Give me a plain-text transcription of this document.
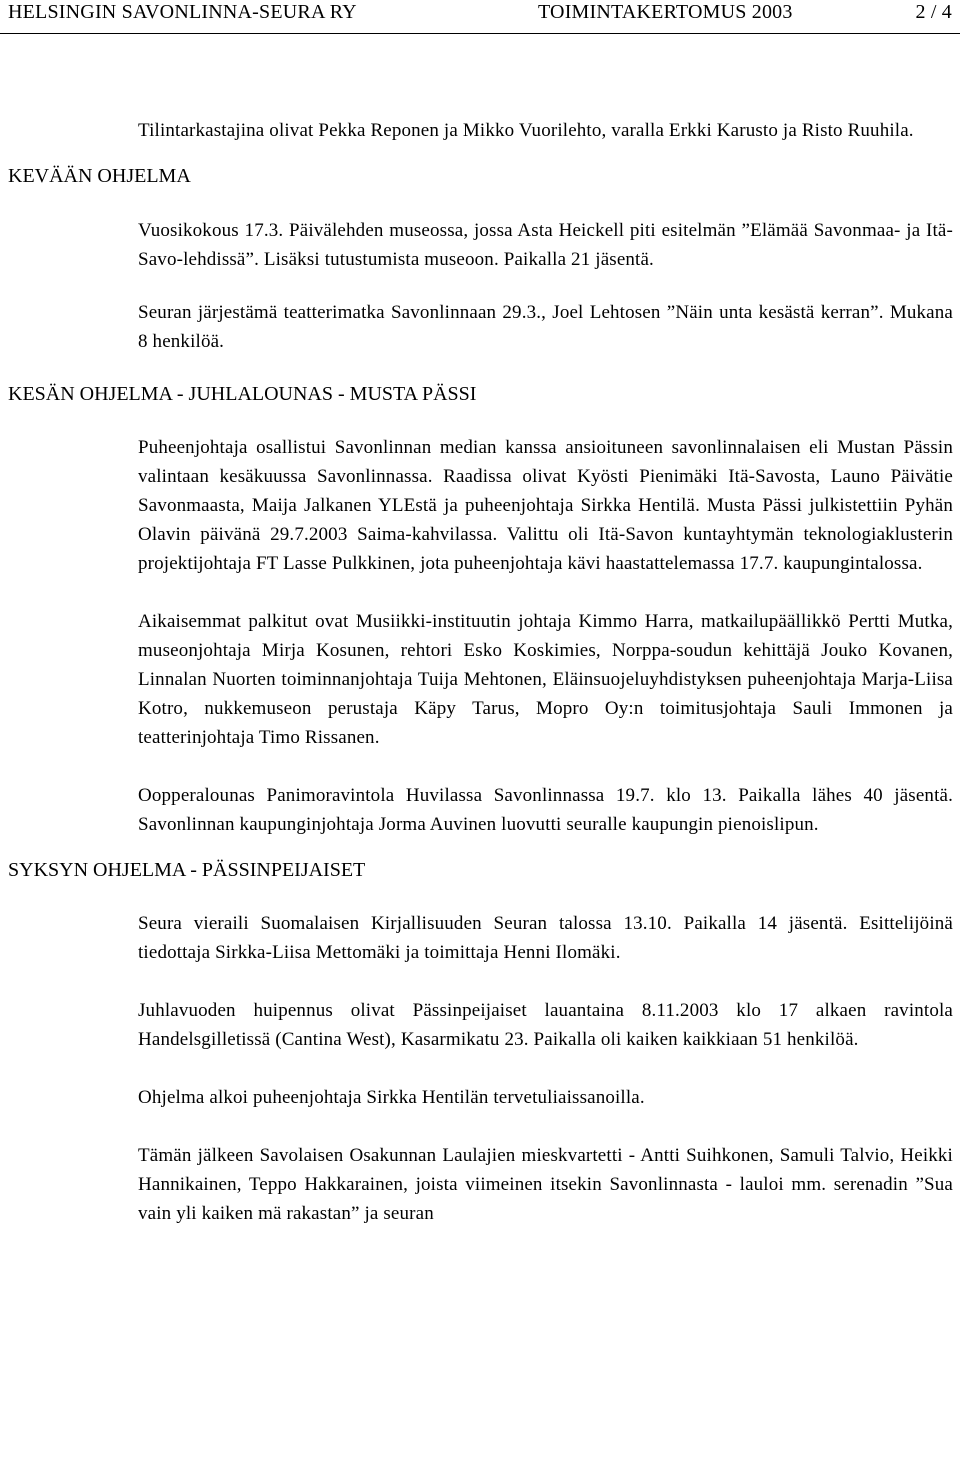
HELSINGIN SAVONLINNA-SEURA RY	TOIMINTAKERTOMUS 2003	2 / 4

Tilintarkastajina olivat Pekka Reponen ja Mikko Vuorilehto, varalla Erkki Karusto ja Risto Ruuhila.

KEVÄÄN OHJELMA

Vuosikokous 17.3. Päivälehden museossa, jossa Asta Heickell piti esitelmän ”Elämää Savonmaa- ja Itä-Savo-lehdissä”. Lisäksi tutustumista museoon. Paikalla 21 jäsentä.

Seuran järjestämä teatterimatka Savonlinnaan 29.3., Joel Lehtosen ”Näin unta kesästä kerran”. Mukana 8 henkilöä.

KESÄN OHJELMA - JUHLALOUNAS - MUSTA PÄSSI

Puheenjohtaja osallistui Savonlinnan median kanssa ansioituneen savonlinnalaisen eli Mustan Pässin valintaan kesäkuussa Savonlinnassa. Raadissa olivat Kyösti Pienimäki Itä-Savosta, Launo Päivätie Savonmaasta, Maija Jalkanen YLEstä ja puheenjohtaja Sirkka Hentilä. Musta Pässi julkistettiin Pyhän Olavin päivänä 29.7.2003 Saima-kahvilassa. Valittu oli Itä-Savon kuntayhtymän teknologiaklusterin projektijohtaja FT Lasse Pulkkinen, jota puheenjohtaja kävi haastattelemassa 17.7. kaupungintalossa.

Aikaisemmat palkitut ovat Musiikki-instituutin johtaja Kimmo Harra, matkailupäällikkö Pertti Mutka, museonjohtaja Mirja Kosunen, rehtori Esko Koskimies, Norppa-soudun kehittäjä Jouko Kovanen, Linnalan Nuorten toiminnanjohtaja Tuija Mehtonen, Eläinsuojeluyhdistyksen puheenjohtaja Marja-Liisa Kotro, nukkemuseon perustaja Käpy Tarus, Mopro Oy:n toimitusjohtaja Sauli Immonen ja teatterinjohtaja Timo Rissanen.

Oopperalounas Panimoravintola Huvilassa Savonlinnassa 19.7. klo 13. Paikalla lähes 40 jäsentä. Savonlinnan kaupunginjohtaja Jorma Auvinen luovutti seuralle kaupungin pienoislipun.

SYKSYN OHJELMA - PÄSSINPEIJAISET

Seura vieraili Suomalaisen Kirjallisuuden Seuran talossa 13.10. Paikalla 14 jäsentä. Esittelijöinä tiedottaja Sirkka-Liisa Mettomäki ja toimittaja Henni Ilomäki.

Juhlavuoden huipennus olivat Pässinpeijaiset lauantaina 8.11.2003 klo 17 alkaen ravintola Handelsgilletissä (Cantina West), Kasarmikatu 23. Paikalla oli kaiken kaikkiaan 51 henkilöä.

Ohjelma alkoi puheenjohtaja Sirkka Hentilän tervetuliaissanoilla.

Tämän jälkeen Savolaisen Osakunnan Laulajien mieskvartetti - Antti Suihkonen, Samuli Talvio, Heikki Hannikainen, Teppo Hakkarainen, joista viimeinen itsekin Savonlinnasta - lauloi mm. serenadin ”Sua vain yli kaiken mä rakastan” ja seuran
